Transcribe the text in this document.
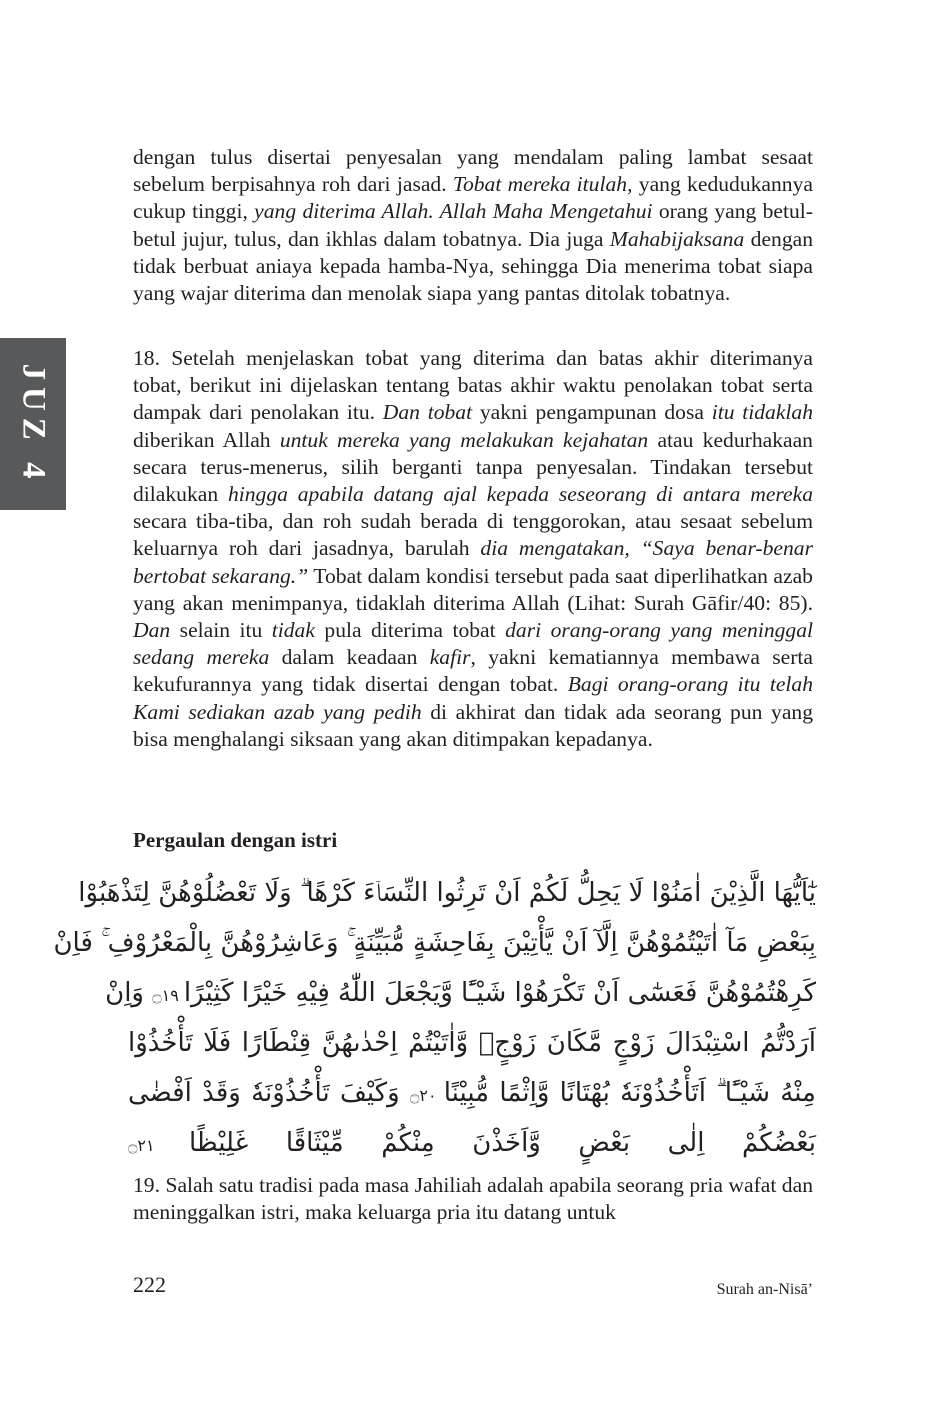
JUZ 4

dengan tulus disertai penyesalan yang mendalam paling lambat sesaat sebelum berpisahnya roh dari jasad. Tobat mereka itulah, yang kedudukannya cukup tinggi, yang diterima Allah. Allah Maha Mengetahui orang yang betul-betul jujur, tulus, dan ikhlas dalam tobatnya. Dia juga Mahabijaksana dengan tidak berbuat aniaya kepada hamba-Nya, sehingga Dia menerima tobat siapa yang wajar diterima dan menolak siapa yang pantas ditolak tobatnya.

18. Setelah menjelaskan tobat yang diterima dan batas akhir diterimanya tobat, berikut ini dijelaskan tentang batas akhir waktu penolakan tobat serta dampak dari penolakan itu. Dan tobat yakni pengampunan dosa itu tidaklah diberikan Allah untuk mereka yang melakukan kejahatan atau kedurhakaan secara terus-menerus, silih berganti tanpa penyesalan. Tindakan tersebut dilakukan hingga apabila datang ajal kepada seseorang di antara mereka secara tiba-tiba, dan roh sudah berada di tenggorokan, atau sesaat sebelum keluarnya roh dari jasadnya, barulah dia mengatakan, “Saya benar-benar bertobat sekarang.” Tobat dalam kondisi tersebut pada saat diperlihatkan azab yang akan menimpanya, tidaklah diterima Allah (Lihat: Surah Gāfir/40: 85). Dan selain itu tidak pula diterima tobat dari orang-orang yang meninggal sedang mereka dalam keadaan kafir, yakni kematiannya membawa serta kekufurannya yang tidak disertai dengan tobat. Bagi orang-orang itu telah Kami sediakan azab yang pedih di akhirat dan tidak ada seorang pun yang bisa menghalangi siksaan yang akan ditimpakan kepadanya.

Pergaulan dengan istri
يٰٓاَيُّهَا الَّذِيْنَ اٰمَنُوْا لَا يَحِلُّ لَكُمْ اَنْ تَرِثُوا النِّسَاۤءَ كَرْهًا ۗ وَلَا تَعْضُلُوْهُنَّ لِتَذْهَبُوْا
بِبَعْضِ مَآ اٰتَيْتُمُوْهُنَّ اِلَّآ اَنْ يَّأْتِيْنَ بِفَاحِشَةٍ مُّبَيِّنَةٍ ۚ وَعَاشِرُوْهُنَّ بِالْمَعْرُوْفِ ۚ فَاِنْ
كَرِهْتُمُوْهُنَّ فَعَسٰٓى اَنْ تَكْرَهُوْا شَيْـًٔا وَّيَجْعَلَ اللّٰهُ فِيْهِ خَيْرًا كَثِيْرًا ۝١٩ وَاِنْ
اَرَدْتُّمُ اسْتِبْدَالَ زَوْجٍ مَّكَانَ زَوْجٍۙ وَّاٰتَيْتُمْ اِحْدٰىهُنَّ قِنْطَارًا فَلَا تَأْخُذُوْا
مِنْهُ شَيْـًٔا ۗ اَتَأْخُذُوْنَهٗ بُهْتَانًا وَّاِثْمًا مُّبِيْنًا ۝٢٠ وَكَيْفَ تَأْخُذُوْنَهٗ وَقَدْ اَفْضٰى
بَعْضُكُمْ اِلٰى بَعْضٍ وَّاَخَذْنَ مِنْكُمْ مِّيْثَاقًا غَلِيْظًا ۝٢١

19. Salah satu tradisi pada masa Jahiliah adalah apabila seorang pria wafat dan meninggalkan istri, maka keluarga pria itu datang untuk

222	Surah an-Nisā’
